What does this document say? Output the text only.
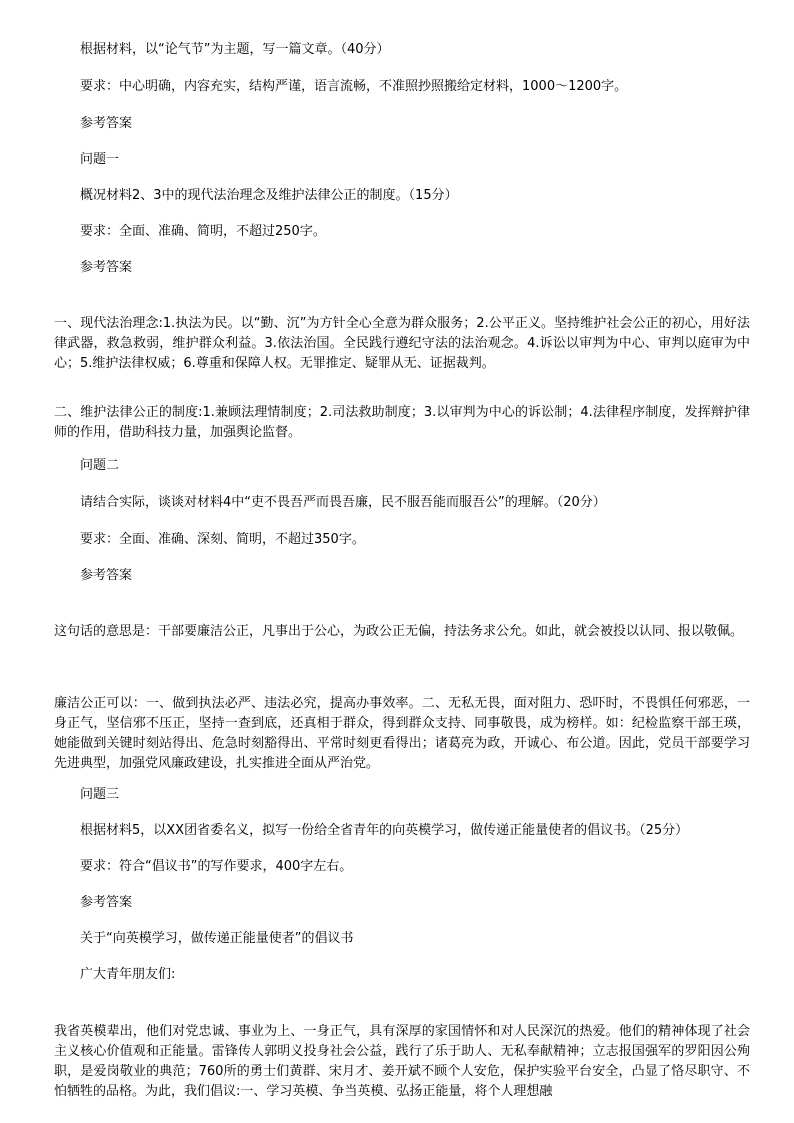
根据材料，以“论气节”为主题，写一篇文章。（40分）
要求：中心明确，内容充实，结构严谨，语言流畅，不准照抄照搬给定材料，1000～1200字。
参考答案
问题一
概况材料2、3中的现代法治理念及维护法律公正的制度。（15分）
要求：全面、准确、简明，不超过250字。
参考答案
一、现代法治理念:1.执法为民。以“勤、沉”为方针全心全意为群众服务；2.公平正义。坚持维护社会公正的初心，用好法律武器，救急救弱，维护群众利益。3.依法治国。全民践行遵纪守法的法治观念。4.诉讼以审判为中心、审判以庭审为中心；5.维护法律权威；6.尊重和保障人权。无罪推定、疑罪从无、证据裁判。
二、维护法律公正的制度:1.兼顾法理情制度；2.司法救助制度；3.以审判为中心的诉讼制；4.法律程序制度，发挥辩护律师的作用，借助科技力量，加强舆论监督。
问题二
请结合实际，谈谈对材料4中“吏不畏吾严而畏吾廉，民不服吾能而服吾公”的理解。（20分）
要求：全面、准确、深刻、简明，不超过350字。
参考答案
这句话的意思是：干部要廉洁公正，凡事出于公心，为政公正无偏，持法务求公允。如此，就会被投以认同、报以敬佩。
廉洁公正可以：一、做到执法必严、违法必究，提高办事效率。二、无私无畏，面对阻力、恐吓时，不畏惧任何邪恶，一身正气，坚信邪不压正，坚持一查到底，还真相于群众，得到群众支持、同事敬畏，成为榜样。如：纪检监察干部王瑛，她能做到关键时刻站得出、危急时刻豁得出、平常时刻更看得出；诸葛亮为政，开诚心、布公道。因此，党员干部要学习先进典型，加强党风廉政建设，扎实推进全面从严治党。
问题三
根据材料5，以XX团省委名义，拟写一份给全省青年的向英模学习，做传递正能量使者的倡议书。（25分）
要求：符合“倡议书”的写作要求，400字左右。
参考答案
关于“向英模学习，做传递正能量使者”的倡议书
广大青年朋友们:
我省英模辈出，他们对党忠诚、事业为上、一身正气，具有深厚的家国情怀和对人民深沉的热爱。他们的精神体现了社会主义核心价值观和正能量。雷锋传人郭明义投身社会公益，践行了乐于助人、无私奉献精神；立志报国强军的罗阳因公殉职，是爱岗敬业的典范；760所的勇士们黄群、宋月才、姜开斌不顾个人安危，保护实验平台安全，凸显了恪尽职守、不怕牺牲的品格。为此，我们倡议:一、学习英模、争当英模、弘扬正能量，将个人理想融
